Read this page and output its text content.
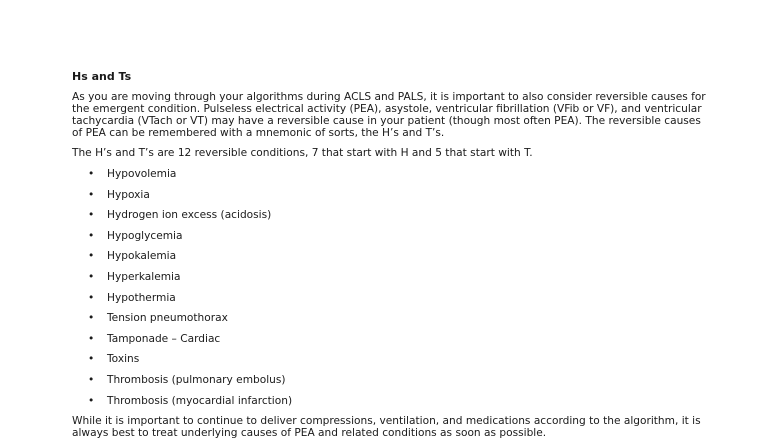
Hs and Ts

As you are moving through your algorithms during ACLS and PALS, it is important to also consider reversible causes for the emergent condition. Pulseless electrical activity (PEA), asystole, ventricular fibrillation (VFib or VF), and ventricular tachycardia (VTach or VT) may have a reversible cause in your patient (though most often PEA). The reversible causes of PEA can be remembered with a mnemonic of sorts, the H’s and T’s.

The H’s and T’s are 12 reversible conditions, 7 that start with H and 5 that start with T.

• Hypovolemia
• Hypoxia
• Hydrogen ion excess (acidosis)
• Hypoglycemia
• Hypokalemia
• Hyperkalemia
• Hypothermia
• Tension pneumothorax
• Tamponade – Cardiac
• Toxins
• Thrombosis (pulmonary embolus)
• Thrombosis (myocardial infarction)

While it is important to continue to deliver compressions, ventilation, and medications according to the algorithm, it is always best to treat underlying causes of PEA and related conditions as soon as possible.
